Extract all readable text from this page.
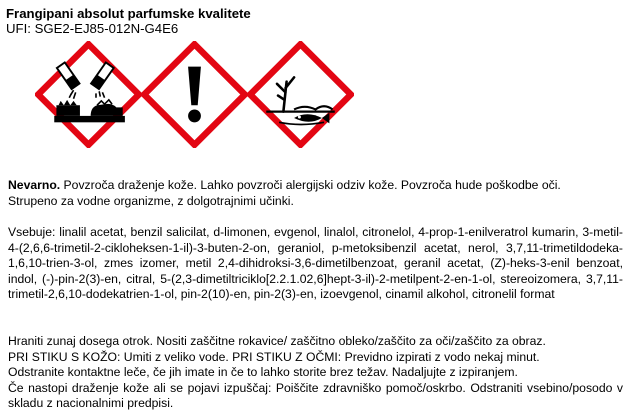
Frangipani absolut parfumske kvalitete
UFI: SGE2-EJ85-012N-G4E6
Nevarno. Povzroča draženje kože. Lahko povzroči alergijski odziv kože. Povzroča hude poškodbe oči.
Strupeno za vodne organizme, z dolgotrajnimi učinki.
Vsebuje: linalil acetat, benzil salicilat, d-limonen, evgenol, linalol, citronelol, 4-prop-1-enilveratrol kumarin, 3-metil-4-(2,6,6-trimetil-2-cikloheksen-1-il)-3-buten-2-on, geraniol, p-metoksibenzil acetat, nerol, 3,7,11-trimetildodeka-1,6,10-trien-3-ol, zmes izomer, metil 2,4-dihidroksi-3,6-dimetilbenzoat, geranil acetat, (Z)-heks-3-enil benzoat, indol, (-)-pin-2(3)-en, citral, 5-(2,3-dimetiltriciklo[2.2.1.02,6]hept-3-il)-2-metilpent-2-en-1-ol, stereoizomera, 3,7,11-trimetil-2,6,10-dodekatrien-1-ol, pin-2(10)-en, pin-2(3)-en, izoevgenol, cinamil alkohol, citronelil format
Hraniti zunaj dosega otrok. Nositi zaščitne rokavice/ zaščitno obleko/zaščito za oči/zaščito za obraz.
PRI STIKU S KOŽO: Umiti z veliko vode. PRI STIKU Z OČMI: Previdno izpirati z vodo nekaj minut.
Odstranite kontaktne leče, če jih imate in če to lahko storite brez težav. Nadaljujte z izpiranjem.
Če nastopi draženje kože ali se pojavi izpuščaj: Poiščite zdravniško pomoč/oskrbo. Odstraniti vsebino/posodo v skladu z nacionalnimi predpisi.
